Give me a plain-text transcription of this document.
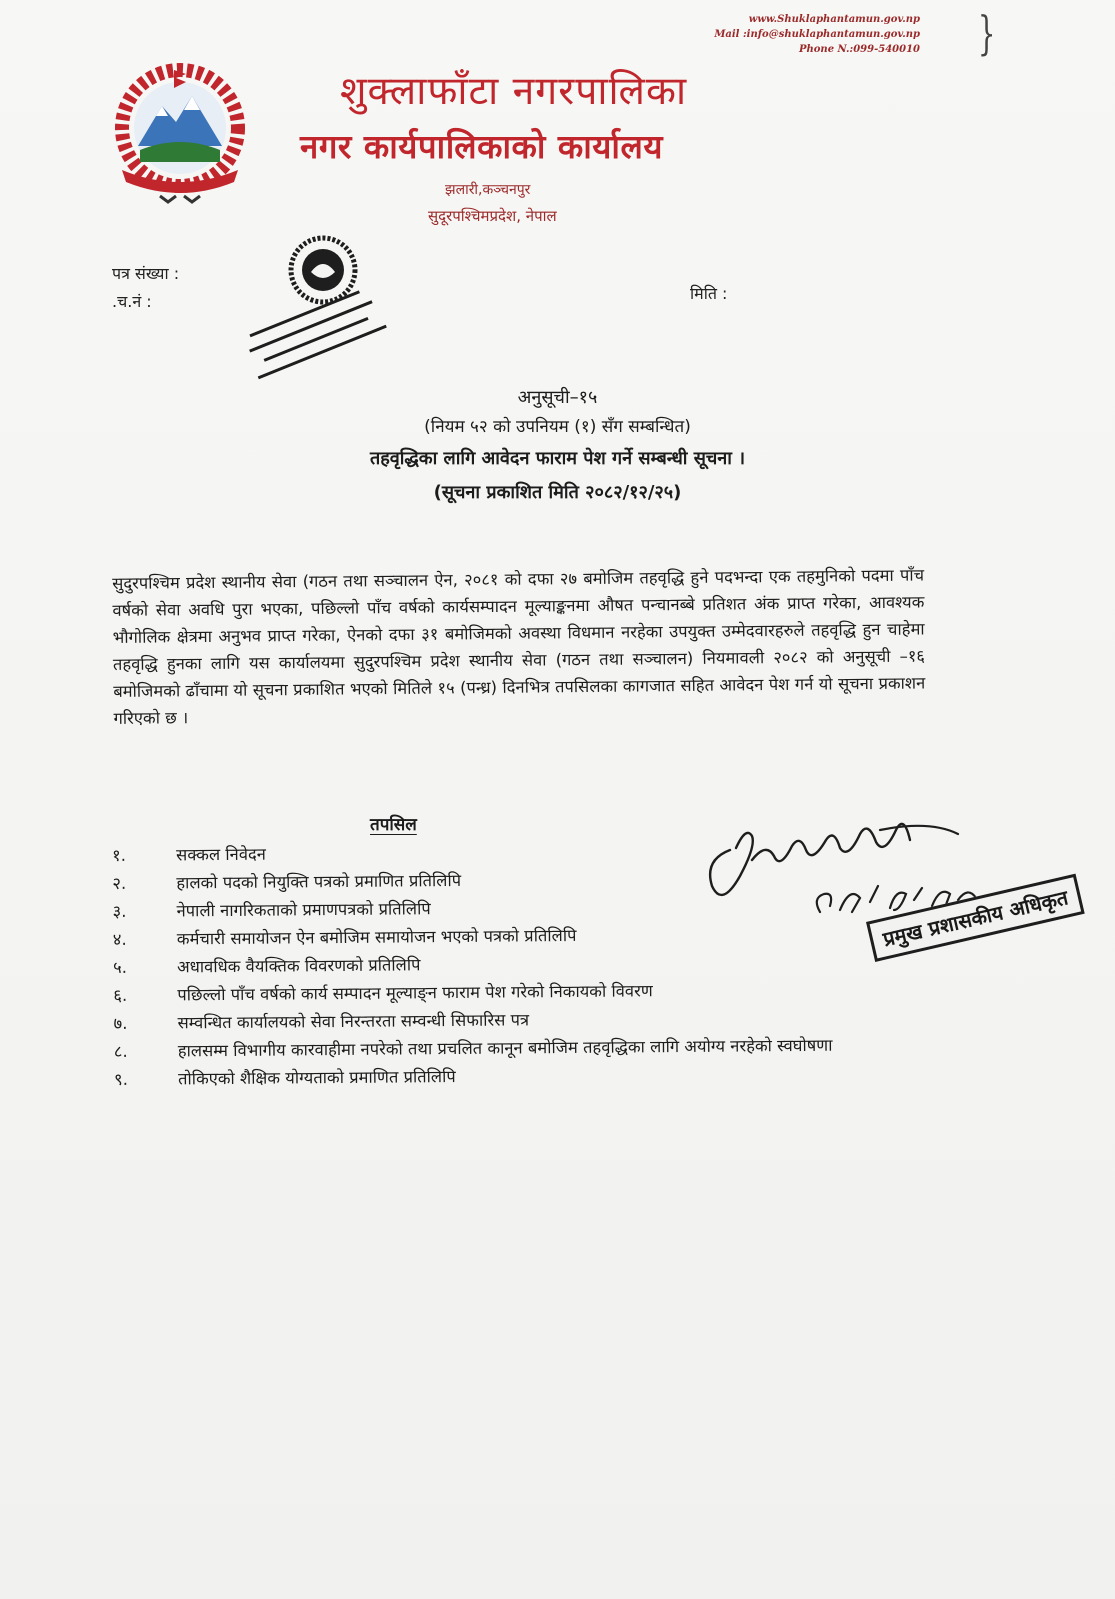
www.Shuklaphantamun.gov.np
Mail :info@shuklaphantamun.gov.np
Phone N.:099-540010 }
शुक्लाफाँटा नगरपालिका
नगर कार्यपालिकाको कार्यालय
झलारी,कञ्चनपुर
सुदूरपश्चिमप्रदेश, नेपाल
पत्र संख्या :
.च.नं :	मिति :
अनुसूची–१५
(नियम ५२ को उपनियम (१) सँग सम्बन्धित)
तहवृद्धिका लागि आवेदन फाराम पेश गर्ने सम्बन्धी सूचना ।
(सूचना प्रकाशित मिति २०८२/१२/२५)
सुदुरपश्चिम प्रदेश स्थानीय सेवा (गठन तथा सञ्चालन ऐन, २०८१ को दफा २७ बमोजिम तहवृद्धि हुने पदभन्दा एक तहमुनिको पदमा पाँच वर्षको सेवा अवधि पुरा भएका, पछिल्लो पाँच वर्षको कार्यसम्पादन मूल्याङ्कनमा औषत पन्चानब्बे प्रतिशत अंक प्राप्त गरेका, आवश्यक भौगोलिक क्षेत्रमा अनुभव प्राप्त गरेका, ऐनको दफा ३१ बमोजिमको अवस्था विधमान नरहेका उपयुक्त उम्मेदवारहरुले तहवृद्धि हुन चाहेमा तहवृद्धि हुनका लागि यस कार्यालयमा सुदुरपश्चिम प्रदेश स्थानीय सेवा (गठन तथा सञ्चालन) नियमावली २०८२ को अनुसूची –१६ बमोजिमको ढाँचामा यो सूचना प्रकाशित भएको मितिले १५ (पन्ध्र) दिनभित्र तपसिलका कागजात सहित आवेदन पेश गर्न यो सूचना प्रकाशन गरिएको छ ।
तपसिल
१.	सक्कल निवेदन
२.	हालको पदको नियुक्ति पत्रको प्रमाणित प्रतिलिपि
३.	नेपाली नागरिकताको प्रमाणपत्रको प्रतिलिपि
४.	कर्मचारी समायोजन ऐन बमोजिम समायोजन भएको पत्रको प्रतिलिपि
५.	अधावधिक वैयक्तिक विवरणको प्रतिलिपि
६.	पछिल्लो पाँच वर्षको कार्य सम्पादन मूल्याङ्न फाराम पेश गरेको निकायको विवरण
७.	सम्वन्धित कार्यालयको सेवा निरन्तरता सम्वन्धी सिफारिस पत्र
८.	हालसम्म विभागीय कारवाहीमा नपरेको तथा प्रचलित कानून बमोजिम तहवृद्धिका लागि अयोग्य नरहेको स्वघोषणा
९.	तोकिएको शैक्षिक योग्यताको प्रमाणित प्रतिलिपि
प्रमुख प्रशासकीय अधिकृत
